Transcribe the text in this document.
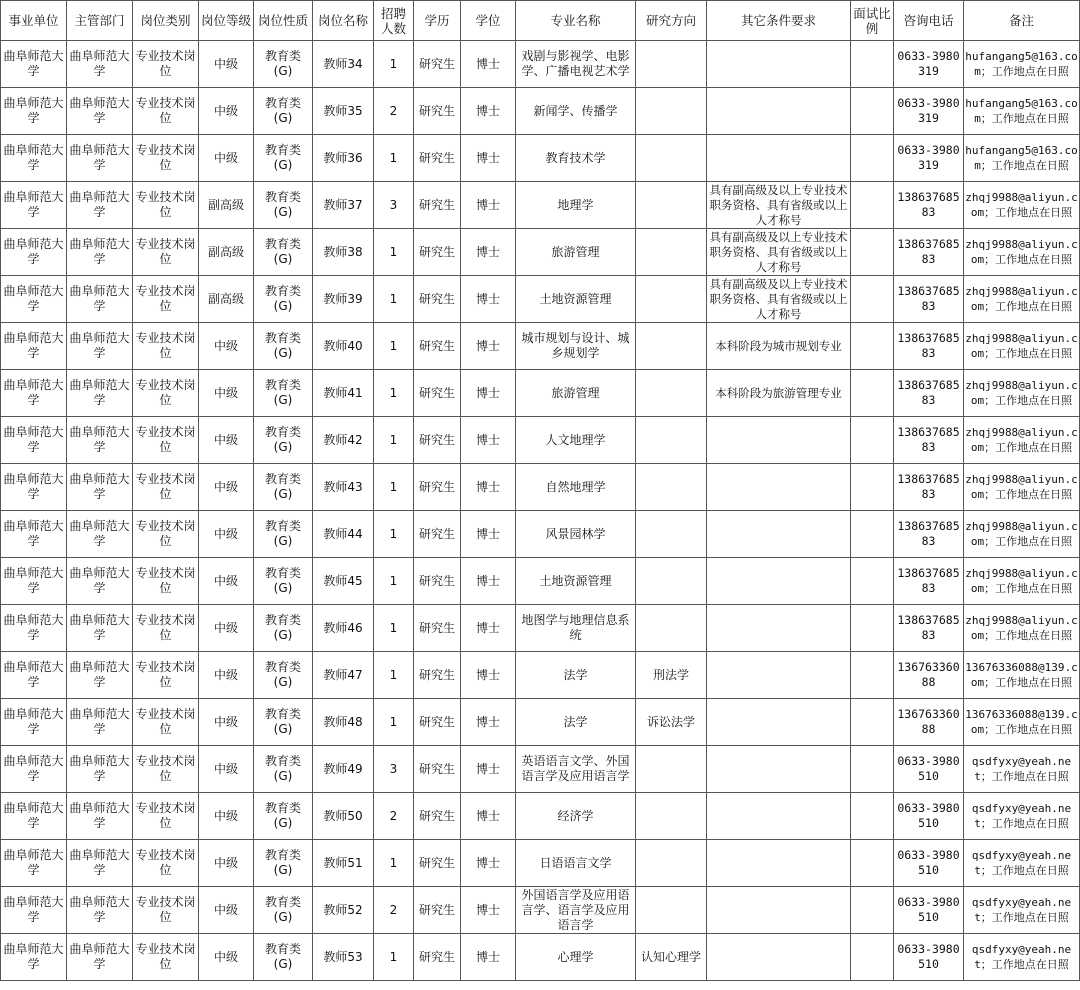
事业单位	主管部门	岗位类别	岗位等级	岗位性质	岗位名称	招聘人数	学历	学位	专业名称	研究方向	其它条件要求	面试比例	咨询电话	备注
曲阜师范大学	曲阜师范大学	专业技术岗位	中级	教育类(G)	教师34	1	研究生	博士	戏剧与影视学、电影学、广播电视艺术学				0633-3980319	hufangang5@163.com；工作地点在日照
曲阜师范大学	曲阜师范大学	专业技术岗位	中级	教育类(G)	教师35	2	研究生	博士	新闻学、传播学				0633-3980319	hufangang5@163.com；工作地点在日照
曲阜师范大学	曲阜师范大学	专业技术岗位	中级	教育类(G)	教师36	1	研究生	博士	教育技术学				0633-3980319	hufangang5@163.com；工作地点在日照
曲阜师范大学	曲阜师范大学	专业技术岗位	副高级	教育类(G)	教师37	3	研究生	博士	地理学		具有副高级及以上专业技术职务资格、具有省级或以上人才称号		13863768583	zhqj9988@aliyun.com；工作地点在日照
曲阜师范大学	曲阜师范大学	专业技术岗位	副高级	教育类(G)	教师38	1	研究生	博士	旅游管理		具有副高级及以上专业技术职务资格、具有省级或以上人才称号		13863768583	zhqj9988@aliyun.com；工作地点在日照
曲阜师范大学	曲阜师范大学	专业技术岗位	副高级	教育类(G)	教师39	1	研究生	博士	土地资源管理		具有副高级及以上专业技术职务资格、具有省级或以上人才称号		13863768583	zhqj9988@aliyun.com；工作地点在日照
曲阜师范大学	曲阜师范大学	专业技术岗位	中级	教育类(G)	教师40	1	研究生	博士	城市规划与设计、城乡规划学		本科阶段为城市规划专业		13863768583	zhqj9988@aliyun.com；工作地点在日照
曲阜师范大学	曲阜师范大学	专业技术岗位	中级	教育类(G)	教师41	1	研究生	博士	旅游管理		本科阶段为旅游管理专业		13863768583	zhqj9988@aliyun.com；工作地点在日照
曲阜师范大学	曲阜师范大学	专业技术岗位	中级	教育类(G)	教师42	1	研究生	博士	人文地理学				13863768583	zhqj9988@aliyun.com；工作地点在日照
曲阜师范大学	曲阜师范大学	专业技术岗位	中级	教育类(G)	教师43	1	研究生	博士	自然地理学				13863768583	zhqj9988@aliyun.com；工作地点在日照
曲阜师范大学	曲阜师范大学	专业技术岗位	中级	教育类(G)	教师44	1	研究生	博士	风景园林学				13863768583	zhqj9988@aliyun.com；工作地点在日照
曲阜师范大学	曲阜师范大学	专业技术岗位	中级	教育类(G)	教师45	1	研究生	博士	土地资源管理				13863768583	zhqj9988@aliyun.com；工作地点在日照
曲阜师范大学	曲阜师范大学	专业技术岗位	中级	教育类(G)	教师46	1	研究生	博士	地图学与地理信息系统				13863768583	zhqj9988@aliyun.com；工作地点在日照
曲阜师范大学	曲阜师范大学	专业技术岗位	中级	教育类(G)	教师47	1	研究生	博士	法学	刑法学			13676336088	13676336088@139.com；工作地点在日照
曲阜师范大学	曲阜师范大学	专业技术岗位	中级	教育类(G)	教师48	1	研究生	博士	法学	诉讼法学			13676336088	13676336088@139.com；工作地点在日照
曲阜师范大学	曲阜师范大学	专业技术岗位	中级	教育类(G)	教师49	3	研究生	博士	英语语言文学、外国语言学及应用语言学				0633-3980510	qsdfyxy@yeah.net；工作地点在日照
曲阜师范大学	曲阜师范大学	专业技术岗位	中级	教育类(G)	教师50	2	研究生	博士	经济学				0633-3980510	qsdfyxy@yeah.net；工作地点在日照
曲阜师范大学	曲阜师范大学	专业技术岗位	中级	教育类(G)	教师51	1	研究生	博士	日语语言文学				0633-3980510	qsdfyxy@yeah.net；工作地点在日照
曲阜师范大学	曲阜师范大学	专业技术岗位	中级	教育类(G)	教师52	2	研究生	博士	外国语言学及应用语言学、语言学及应用语言学				0633-3980510	qsdfyxy@yeah.net；工作地点在日照
曲阜师范大学	曲阜师范大学	专业技术岗位	中级	教育类(G)	教师53	1	研究生	博士	心理学	认知心理学			0633-3980510	qsdfyxy@yeah.net；工作地点在日照
